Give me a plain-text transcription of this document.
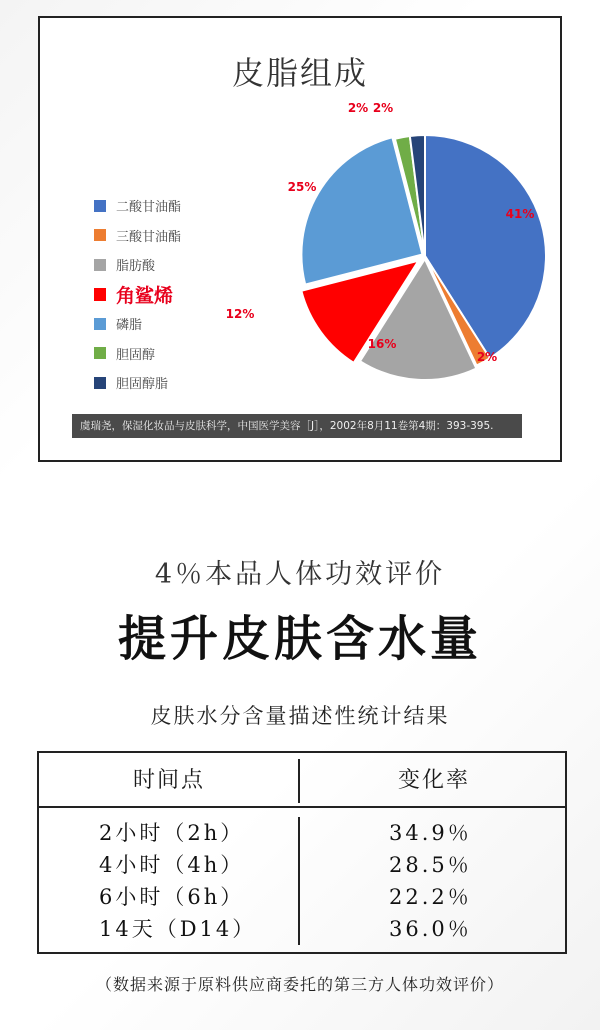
皮脂组成
41%
2%
16%
12%
25%
2% 2%
二酸甘油酯
三酸甘油酯
脂肪酸
角鲨烯
磷脂
胆固醇
胆固醇脂
虞瑞尧，保湿化妆品与皮肤科学，中国医学美容［J］，2002年8月11卷第4期：393-395.
4％本品人体功效评价
提升皮肤含水量
皮肤水分含量描述性统计结果
时间点	变化率
2小时（2h）	34.9％
4小时（4h）	28.5％
6小时（6h）	22.2％
14天（D14）	36.0％
（数据来源于原料供应商委托的第三方人体功效评价）
